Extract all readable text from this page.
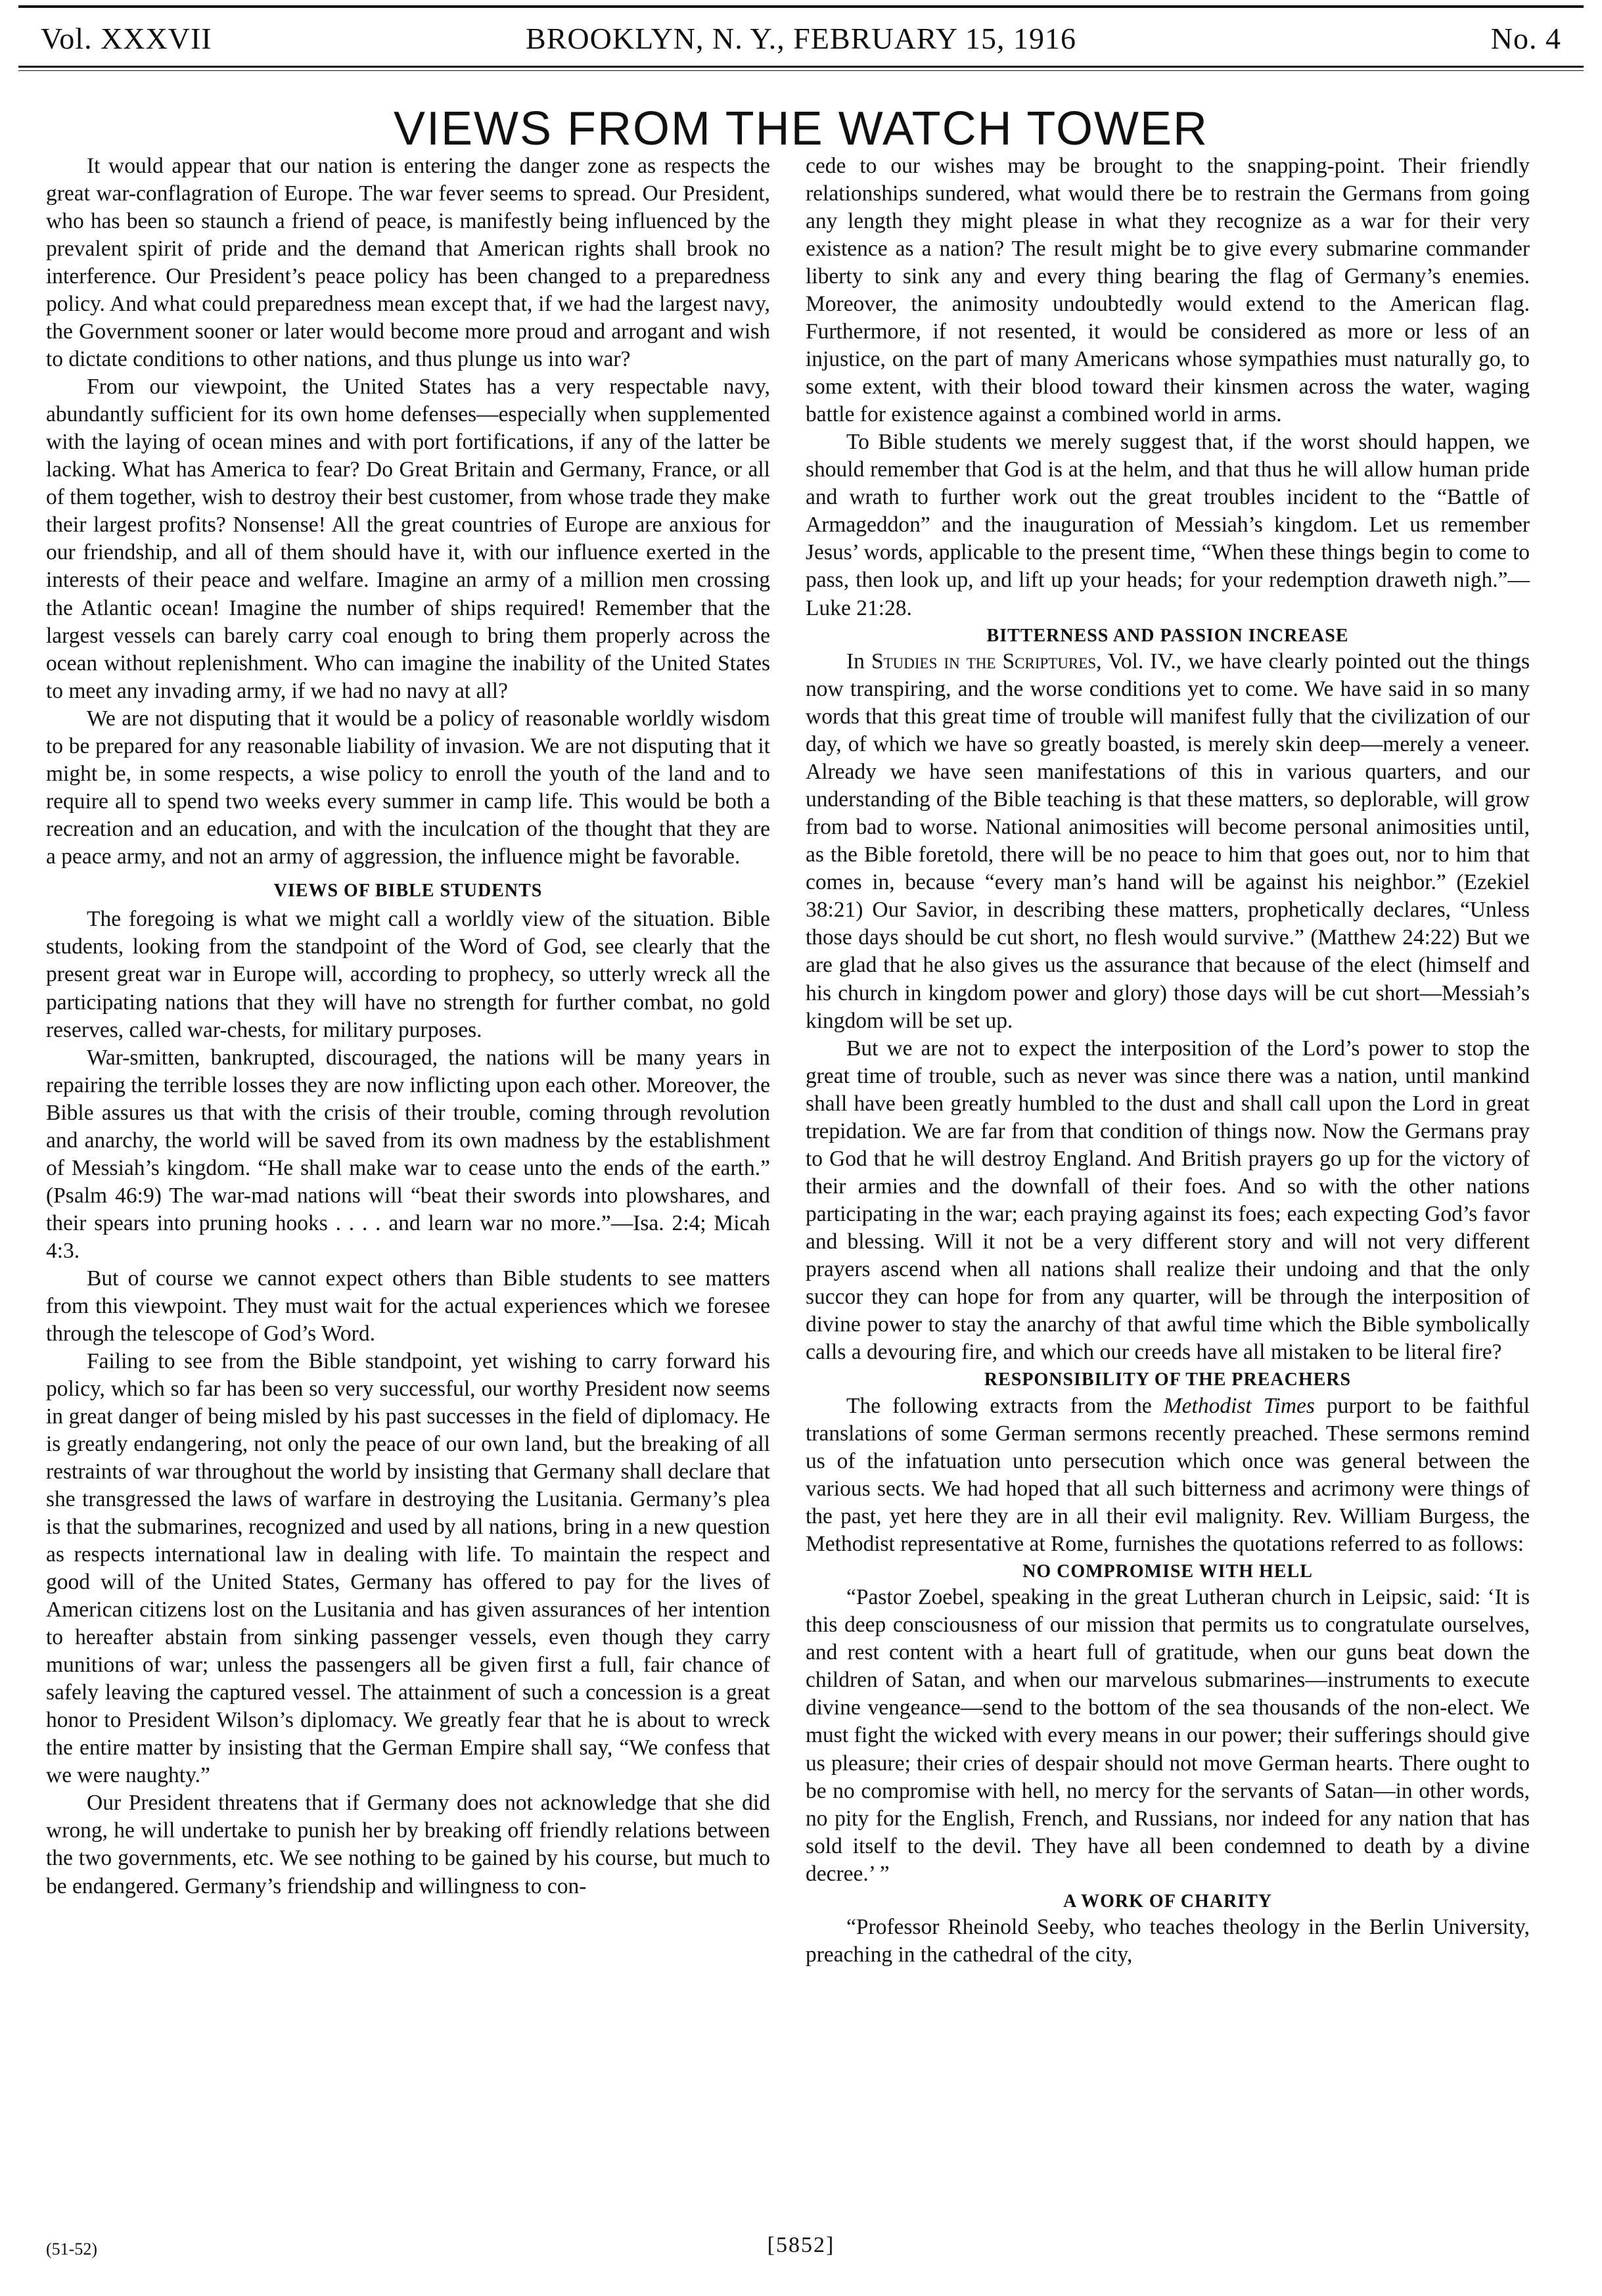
Vol. XXXVII	BROOKLYN, N. Y., FEBRUARY 15, 1916	No. 4
VIEWS FROM THE WATCH TOWER

It would appear that our nation is entering the danger zone as respects the great war-conflagration of Europe. The war fever seems to spread. Our President, who has been so staunch a friend of peace, is manifestly being influenced by the prevalent spirit of pride and the demand that American rights shall brook no interference. Our President’s peace policy has been changed to a preparedness policy. And what could preparedness mean except that, if we had the largest navy, the Government sooner or later would become more proud and arrogant and wish to dictate conditions to other nations, and thus plunge us into war?

From our viewpoint, the United States has a very respectable navy, abundantly sufficient for its own home defenses—especially when supplemented with the laying of ocean mines and with port fortifications, if any of the latter be lacking. What has America to fear? Do Great Britain and Germany, France, or all of them together, wish to destroy their best customer, from whose trade they make their largest profits? Nonsense! All the great countries of Europe are anxious for our friendship, and all of them should have it, with our influence exerted in the interests of their peace and welfare. Imagine an army of a million men crossing the Atlantic ocean! Imagine the number of ships required! Remember that the largest vessels can barely carry coal enough to bring them properly across the ocean without replenishment. Who can imagine the inability of the United States to meet any invading army, if we had no navy at all?

We are not disputing that it would be a policy of reasonable worldly wisdom to be prepared for any reasonable liability of invasion. We are not disputing that it might be, in some respects, a wise policy to enroll the youth of the land and to require all to spend two weeks every summer in camp life. This would be both a recreation and an education, and with the inculcation of the thought that they are a peace army, and not an army of aggression, the influence might be favorable.

VIEWS OF BIBLE STUDENTS

The foregoing is what we might call a worldly view of the situation. Bible students, looking from the standpoint of the Word of God, see clearly that the present great war in Europe will, according to prophecy, so utterly wreck all the participating nations that they will have no strength for further combat, no gold reserves, called war-chests, for military purposes.

War-smitten, bankrupted, discouraged, the nations will be many years in repairing the terrible losses they are now inflicting upon each other. Moreover, the Bible assures us that with the crisis of their trouble, coming through revolution and anarchy, the world will be saved from its own madness by the establishment of Messiah’s kingdom. “He shall make war to cease unto the ends of the earth.” (Psalm 46:9) The war-mad nations will “beat their swords into plowshares, and their spears into pruning hooks . . . . and learn war no more.”—Isa. 2:4; Micah 4:3.

But of course we cannot expect others than Bible students to see matters from this viewpoint. They must wait for the actual experiences which we foresee through the telescope of God’s Word.

Failing to see from the Bible standpoint, yet wishing to carry forward his policy, which so far has been so very successful, our worthy President now seems in great danger of being misled by his past successes in the field of diplomacy. He is greatly endangering, not only the peace of our own land, but the breaking of all restraints of war throughout the world by insisting that Germany shall declare that she transgressed the laws of warfare in destroying the Lusitania. Germany’s plea is that the submarines, recognized and used by all nations, bring in a new question as respects international law in dealing with life. To maintain the respect and good will of the United States, Germany has offered to pay for the lives of American citizens lost on the Lusitania and has given assurances of her intention to hereafter abstain from sinking passenger vessels, even though they carry munitions of war; unless the passengers all be given first a full, fair chance of safely leaving the captured vessel. The attainment of such a concession is a great honor to President Wilson’s diplomacy. We greatly fear that he is about to wreck the entire matter by insisting that the German Empire shall say, “We confess that we were naughty.”

Our President threatens that if Germany does not acknowledge that she did wrong, he will undertake to punish her by breaking off friendly relations between the two governments, etc. We see nothing to be gained by his course, but much to be endangered. Germany’s friendship and willingness to con-

cede to our wishes may be brought to the snapping-point. Their friendly relationships sundered, what would there be to restrain the Germans from going any length they might please in what they recognize as a war for their very existence as a nation? The result might be to give every submarine commander liberty to sink any and every thing bearing the flag of Germany’s enemies. Moreover, the animosity undoubtedly would extend to the American flag. Furthermore, if not resented, it would be considered as more or less of an injustice, on the part of many Americans whose sympathies must naturally go, to some extent, with their blood toward their kinsmen across the water, waging battle for existence against a combined world in arms.

To Bible students we merely suggest that, if the worst should happen, we should remember that God is at the helm, and that thus he will allow human pride and wrath to further work out the great troubles incident to the “Battle of Armageddon” and the inauguration of Messiah’s kingdom. Let us remember Jesus’ words, applicable to the present time, “When these things begin to come to pass, then look up, and lift up your heads; for your redemption draweth nigh.”—Luke 21:28.

BITTERNESS AND PASSION INCREASE

In Studies in the Scriptures, Vol. IV., we have clearly pointed out the things now transpiring, and the worse conditions yet to come. We have said in so many words that this great time of trouble will manifest fully that the civilization of our day, of which we have so greatly boasted, is merely skin deep—merely a veneer. Already we have seen manifestations of this in various quarters, and our understanding of the Bible teaching is that these matters, so deplorable, will grow from bad to worse. National animosities will become personal animosities until, as the Bible foretold, there will be no peace to him that goes out, nor to him that comes in, because “every man’s hand will be against his neighbor.” (Ezekiel 38:21) Our Savior, in describing these matters, prophetically declares, “Unless those days should be cut short, no flesh would survive.” (Matthew 24:22) But we are glad that he also gives us the assurance that because of the elect (himself and his church in kingdom power and glory) those days will be cut short—Messiah’s kingdom will be set up.

But we are not to expect the interposition of the Lord’s power to stop the great time of trouble, such as never was since there was a nation, until mankind shall have been greatly humbled to the dust and shall call upon the Lord in great trepidation. We are far from that condition of things now. Now the Germans pray to God that he will destroy England. And British prayers go up for the victory of their armies and the downfall of their foes. And so with the other nations participating in the war; each praying against its foes; each expecting God’s favor and blessing. Will it not be a very different story and will not very different prayers ascend when all nations shall realize their undoing and that the only succor they can hope for from any quarter, will be through the interposition of divine power to stay the anarchy of that awful time which the Bible symbolically calls a devouring fire, and which our creeds have all mistaken to be literal fire?

RESPONSIBILITY OF THE PREACHERS

The following extracts from the Methodist Times purport to be faithful translations of some German sermons recently preached. These sermons remind us of the infatuation unto persecution which once was general between the various sects. We had hoped that all such bitterness and acrimony were things of the past, yet here they are in all their evil malignity. Rev. William Burgess, the Methodist representative at Rome, furnishes the quotations referred to as follows:

NO COMPROMISE WITH HELL

“Pastor Zoebel, speaking in the great Lutheran church in Leipsic, said: ‘It is this deep consciousness of our mission that permits us to congratulate ourselves, and rest content with a heart full of gratitude, when our guns beat down the children of Satan, and when our marvelous submarines—instruments to execute divine vengeance—send to the bottom of the sea thousands of the non-elect. We must fight the wicked with every means in our power; their sufferings should give us pleasure; their cries of despair should not move German hearts. There ought to be no compromise with hell, no mercy for the servants of Satan—in other words, no pity for the English, French, and Russians, nor indeed for any nation that has sold itself to the devil. They have all been condemned to death by a divine decree.’ ”

A WORK OF CHARITY

“Professor Rheinold Seeby, who teaches theology in the Berlin University, preaching in the cathedral of the city,

(51-52)	[5852]
